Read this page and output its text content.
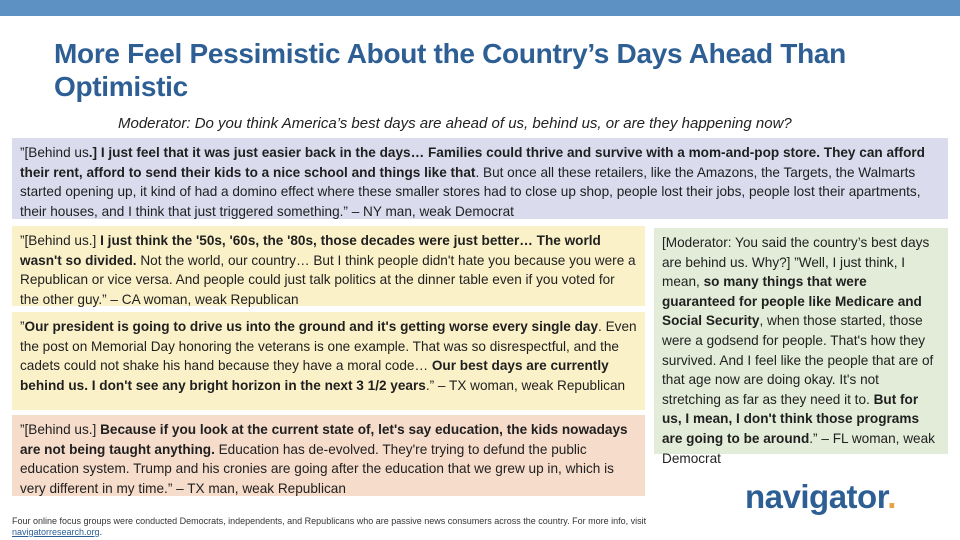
More Feel Pessimistic About the Country’s Days Ahead Than Optimistic
Moderator: Do you think America’s best days are ahead of us, behind us, or are they happening now?
”[Behind us.] I just feel that it was just easier back in the days… Families could thrive and survive with a mom-and-pop store. They can afford their rent, afford to send their kids to a nice school and things like that. But once all these retailers, like the Amazons, the Targets, the Walmarts started opening up, it kind of had a domino effect where these smaller stores had to close up shop, people lost their jobs, people lost their apartments, their houses, and I think that just triggered something.” – NY man, weak Democrat
”[Behind us.] I just think the '50s, '60s, the '80s, those decades were just better… The world wasn't so divided. Not the world, our country… But I think people didn't hate you because you were a Republican or vice versa. And people could just talk politics at the dinner table even if you voted for the other guy.” – CA woman, weak Republican
”Our president is going to drive us into the ground and it's getting worse every single day. Even the post on Memorial Day honoring the veterans is one example. That was so disrespectful, and the cadets could not shake his hand because they have a moral code… Our best days are currently behind us. I don't see any bright horizon in the next 3 1/2 years.” – TX woman, weak Republican
”[Behind us.] Because if you look at the current state of, let's say education, the kids nowadays are not being taught anything. Education has de-evolved. They're trying to defund the public education system. Trump and his cronies are going after the education that we grew up in, which is very different in my time.” – TX man, weak Republican
[Moderator: You said the country’s best days are behind us. Why?] ”Well, I just think, I mean, so many things that were guaranteed for people like Medicare and Social Security, when those started, those were a godsend for people. That's how they survived. And I feel like the people that are of that age now are doing okay. It's not stretching as far as they need it to. But for us, I mean, I don't think those programs are going to be around.” – FL woman, weak Democrat
navigator.
Four online focus groups were conducted Democrats, independents, and Republicans who are passive news consumers across the country. For more info, visit navigatorresearch.org.
